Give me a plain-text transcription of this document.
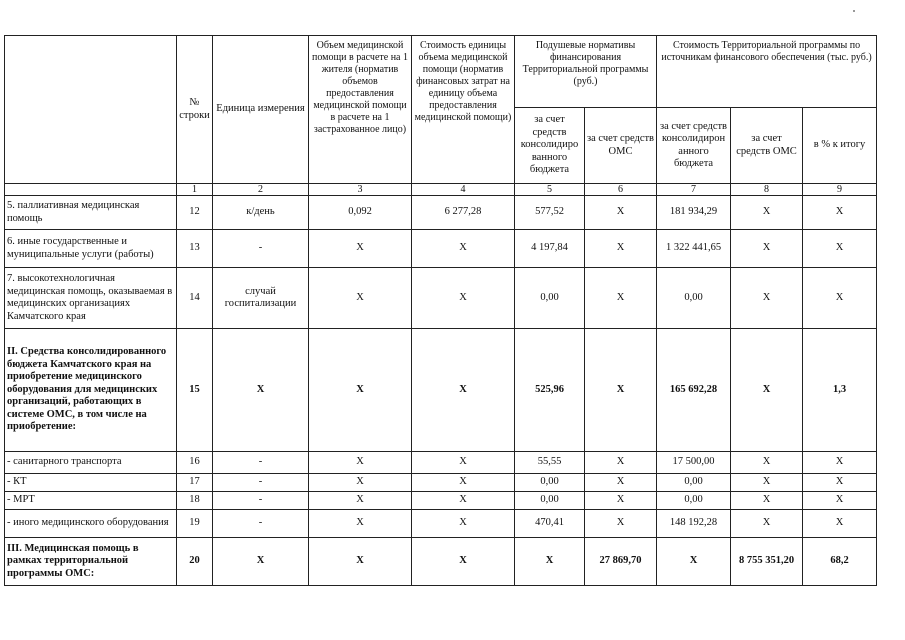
	№ строки	Единица измерения	Объем медицинской помощи в расчете на 1 жителя (норматив объемов предоставления медицинской помощи в расчете на 1 застрахованное лицо)	Стоимость единицы объема медицинской помощи (норматив финансовых затрат на единицу объема предоставления медицинской помощи)	Подушевые нормативы финансирования Территориальной программы (руб.)		Стоимость Территориальной программы по источникам финансового обеспечения (тыс. руб.)		
					за счет средств консолидиро ванного бюджета	за счет средств ОМС	за счет средств консолидирон анного бюджета	за счет средств ОМС	в % к итогу
	1	2	3	4	5	6	7	8	9
5. паллиативная медицинская помощь	12	к/день	0,092	6 277,28	577,52	Х	181 934,29	Х	Х
6. иные государственные и муниципальные услуги (работы)	13	-	Х	Х	4 197,84	Х	1 322 441,65	Х	Х
7. высокотехнологичная медицинская помощь, оказываемая в медицинских организациях Камчатского края	14	случай госпитализации	Х	Х	0,00	Х	0,00	Х	Х
II. Средства консолидированного бюджета Камчатского края на приобретение медицинского оборудования для медицинских организаций, работающих в системе ОМС, в том числе на приобретение:	15	Х	Х	Х	525,96	Х	165 692,28	Х	1,3
- санитарного транспорта	16	-	Х	Х	55,55	Х	17 500,00	Х	Х
- КТ	17	-	Х	Х	0,00	Х	0,00	Х	Х
- МРТ	18	-	Х	Х	0,00	Х	0,00	Х	Х
- иного медицинского оборудования	19	-	Х	Х	470,41	Х	148 192,28	Х	Х
III. Медицинская помощь в рамках территориальной программы ОМС:	20	Х	Х	Х	Х	27 869,70	Х	8 755 351,20	68,2
